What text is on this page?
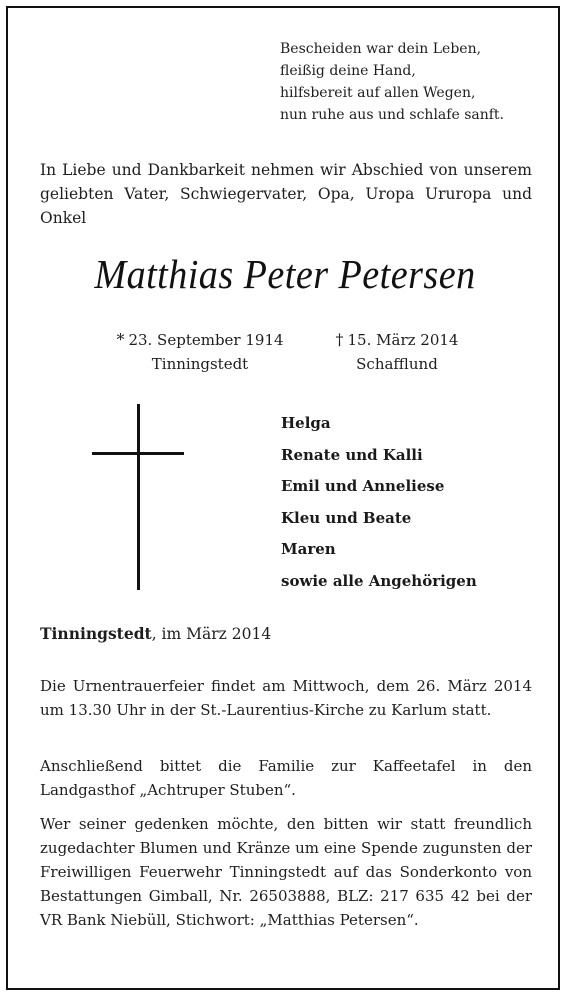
Bescheiden war dein Leben,
fleißig deine Hand,
hilfsbereit auf allen Wegen,
nun ruhe aus und schlafe sanft.
In Liebe und Dankbarkeit nehmen wir Abschied von unserem geliebten Vater, Schwiegervater, Opa, Uropa Ururopa und Onkel
Matthias Peter Petersen
* 23. September 1914
Tinningstedt
† 15. März 2014
Schafflund
Helga
Renate und Kalli
Emil und Anneliese
Kleu und Beate
Maren
sowie alle Angehörigen
Tinningstedt, im März 2014
Die Urnentrauerfeier findet am Mittwoch, dem 26. März 2014 um 13.30 Uhr in der St.-Laurentius-Kirche zu Karlum statt.
Anschließend bittet die Familie zur Kaffeetafel in den Landgasthof „Achtruper Stuben“.
Wer seiner gedenken möchte, den bitten wir statt freundlich zugedachter Blumen und Kränze um eine Spende zugunsten der Freiwilligen Feuerwehr Tinningstedt auf das Sonderkonto von Bestattungen Gimball, Nr. 26503888, BLZ: 217 635 42 bei der VR Bank Niebüll, Stichwort: „Matthias Petersen“.
